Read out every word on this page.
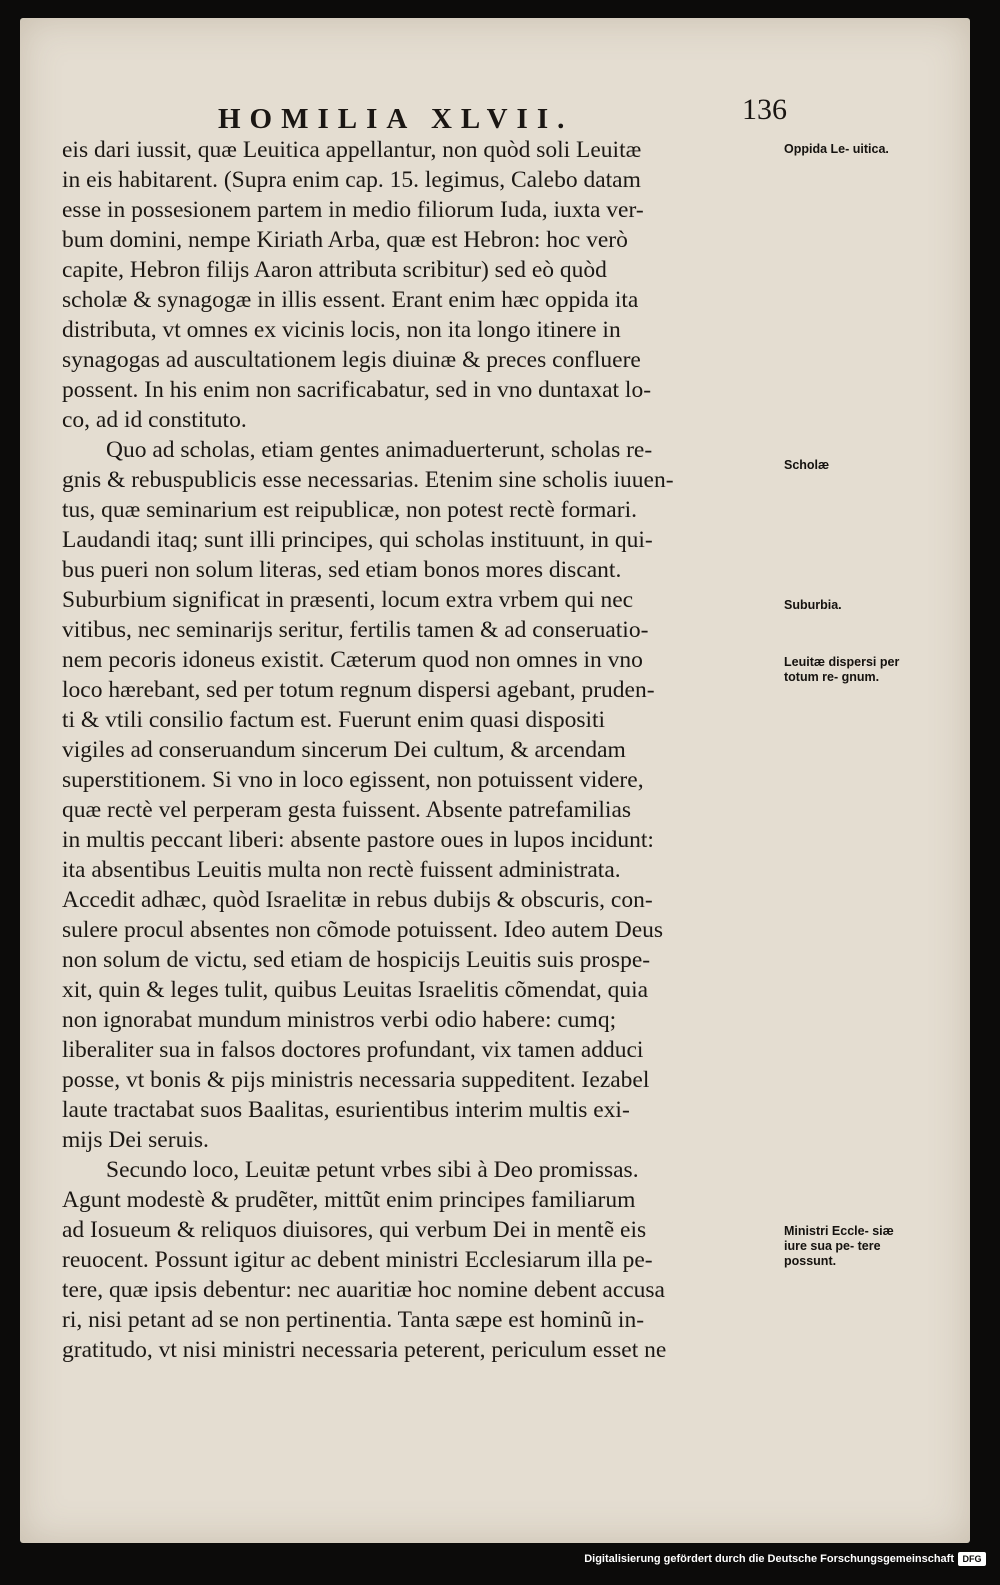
HOMILIA XLVII.	136

eis dari iussit, quæ Leuitica appellantur, non quòd soli Leuitæ
in eis habitarent. (Supra enim cap. 15. legimus, Calebo datam
esse in possesionem partem in medio filiorum Iuda, iuxta ver-
bum domini, nempe Kiriath Arba, quæ est Hebron: hoc verò
capite, Hebron filijs Aaron attributa scribitur) sed eò quòd
scholæ & synagogæ in illis essent. Erant enim hæc oppida ita
distributa, vt omnes ex vicinis locis, non ita longo itinere in
synagogas ad auscultationem legis diuinæ & preces confluere
possent. In his enim non sacrificabatur, sed in vno duntaxat lo-
co, ad id constituto.

Quo ad scholas, etiam gentes animaduerterunt, scholas re-
gnis & rebuspublicis esse necessarias. Etenim sine scholis iuuen-
tus, quæ seminarium est reipublicæ, non potest rectè formari.
Laudandi itaq; sunt illi principes, qui scholas instituunt, in qui-
bus pueri non solum literas, sed etiam bonos mores discant.
Suburbium significat in præsenti, locum extra vrbem qui nec
vitibus, nec seminarijs seritur, fertilis tamen & ad conseruatio-
nem pecoris idoneus existit. Cæterum quod non omnes in vno
loco hærebant, sed per totum regnum dispersi agebant, pruden-
ti & vtili consilio factum est. Fuerunt enim quasi dispositi
vigiles ad conseruandum sincerum Dei cultum, & arcendam
superstitionem. Si vno in loco egissent, non potuissent videre,
quæ rectè vel perperam gesta fuissent. Absente patrefamilias
in multis peccant liberi: absente pastore oues in lupos incidunt:
ita absentibus Leuitis multa non rectè fuissent administrata.
Accedit adhæc, quòd Israelitæ in rebus dubijs & obscuris, con-
sulere procul absentes non cõmode potuissent. Ideo autem Deus
non solum de victu, sed etiam de hospicijs Leuitis suis prospe-
xit, quin & leges tulit, quibus Leuitas Israelitis cõmendat, quia
non ignorabat mundum ministros verbi odio habere: cumq;
liberaliter sua in falsos doctores profundant, vix tamen adduci
posse, vt bonis & pijs ministris necessaria suppeditent. Iezabel
laute tractabat suos Baalitas, esurientibus interim multis exi-
mijs Dei seruis.

Secundo loco, Leuitæ petunt vrbes sibi à Deo promissas.
Agunt modestè & prudẽter, mittũt enim principes familiarum
ad Iosueum & reliquos diuisores, qui verbum Dei in mentẽ eis
reuocent. Possunt igitur ac debent ministri Ecclesiarum illa pe-
tere, quæ ipsis debentur: nec auaritiæ hoc nomine debent accusa
ri, nisi petant ad se non pertinentia. Tanta sæpe est hominũ in-
gratitudo, vt nisi ministri necessaria peterent, periculum esset ne

Oppida Le- uitica.
Scholæ
Suburbia.
Leuitæ dispersi per totum re- gnum.
Ministri Eccle- siæ iure sua pe- tere possunt.
Digitalisierung gefördert durch die Deutsche Forschungsgemeinschaft DFG
